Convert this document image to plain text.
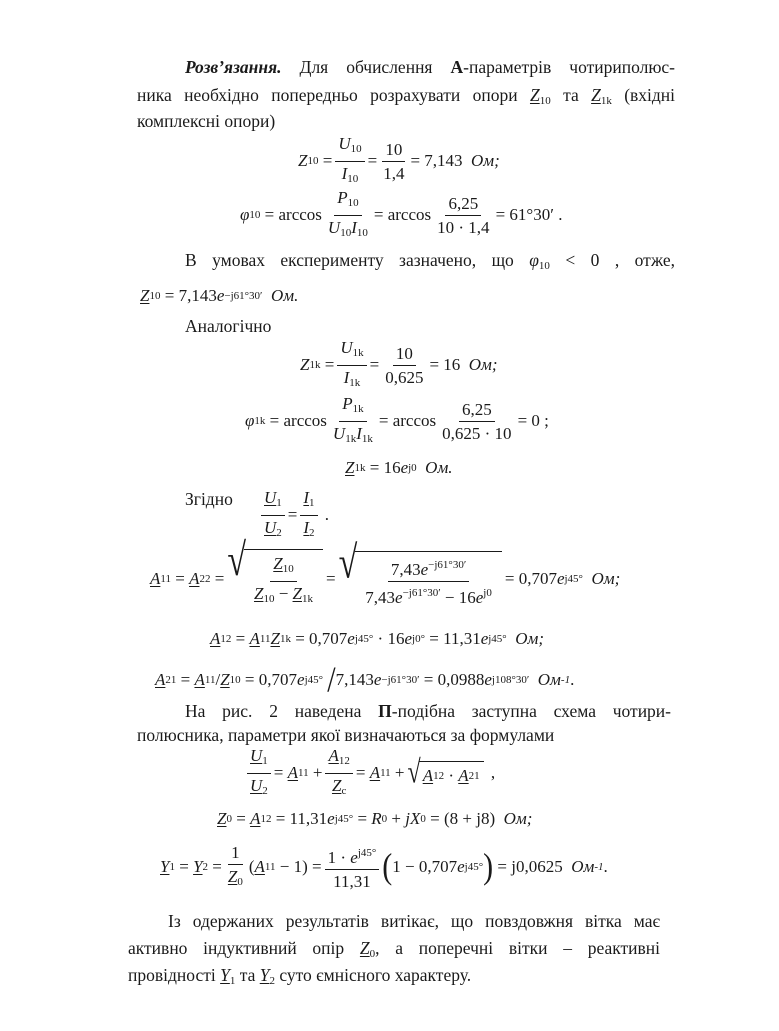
Розв’язання. Для обчислення А-параметрів чотириполюс-
ника необхідно попередньо розрахувати опори $Z_{10}$ та $Z_{1k}$ (вхідні
комплексні опори)
Z $10 = \frac{U_{10}}{I_{10}} = \frac{10}{1,4} = 7,143$
Ом;
φ $10 = \arccos \frac{P_{10}}{U_{10}I_{10}} = \arccos \frac{6,25}{10 \cdot 1,4} = 61^\circ 30'$ .
В умовах експерименту зазначено, що $\varphi_{10} < 0$ , отже,
Z 10 = 7,143 e −j61°30′
Ом.
Аналогічно
Z $1k = \frac{U_{1k}}{I_{1k}} = \frac{10}{0,625} = 16$
Ом;
φ $1k = \arccos \frac{P_{1k}}{U_{1k}I_{1k}} = \arccos \frac{6,25}{0,625 \cdot 10} = 0$ ;
Z 1k = 16 e j0
Ом.
Згідно $\frac{U_1}{U_2} = \frac{I_1}{I_2}$ .
A 11 = A 22 = √ $\frac{Z_{10}}{Z_{10} - Z_{1k}}$ = √ $\frac{7,43e^{-j61^\circ 30'}}{7,43e^{-j61^\circ 30'} - 16e^{j0}} = 0,707$ e j45°
Ом;
A 12 = A 11 Z 1k = 0,707 e j45° · 16 e j0° = 11,31 e j45°
Ом;
A 21 = A 11 / Z 10 = 0,707 e j45°
/ 7,143 e −j61°30′ = 0,0988 e j108°30′
Ом -1 .
На рис. 2 наведена П-подібна заступна схема чотири-
полюсника, параметри якої визначаються за формулами
$\frac{U_1}{U_2} = A$ $11 + \frac{A_{12}}{Z_c} = A$ 11 + √ A 12 · A 21 ,
Z 0 = A 12 = 11,31 e j45° = R 0 + jX 0 = (8 + j8)
Ом;
Y 1 = Y $2 = \frac{1}{Z_0}$ ( A $11 - 1) = \frac{1 \cdot e^{j45^\circ}}{11,31}$ ( 1 − 0,707 e j45° ) = j0,0625
Ом -1 .
Із одержаних результатів витікає, що повздовжня вітка має
активно індуктивний опір $Z_0$, а поперечні вітки – реактивні
провідності $Y_1$ та $Y_2$ суто ємнісного характеру.
